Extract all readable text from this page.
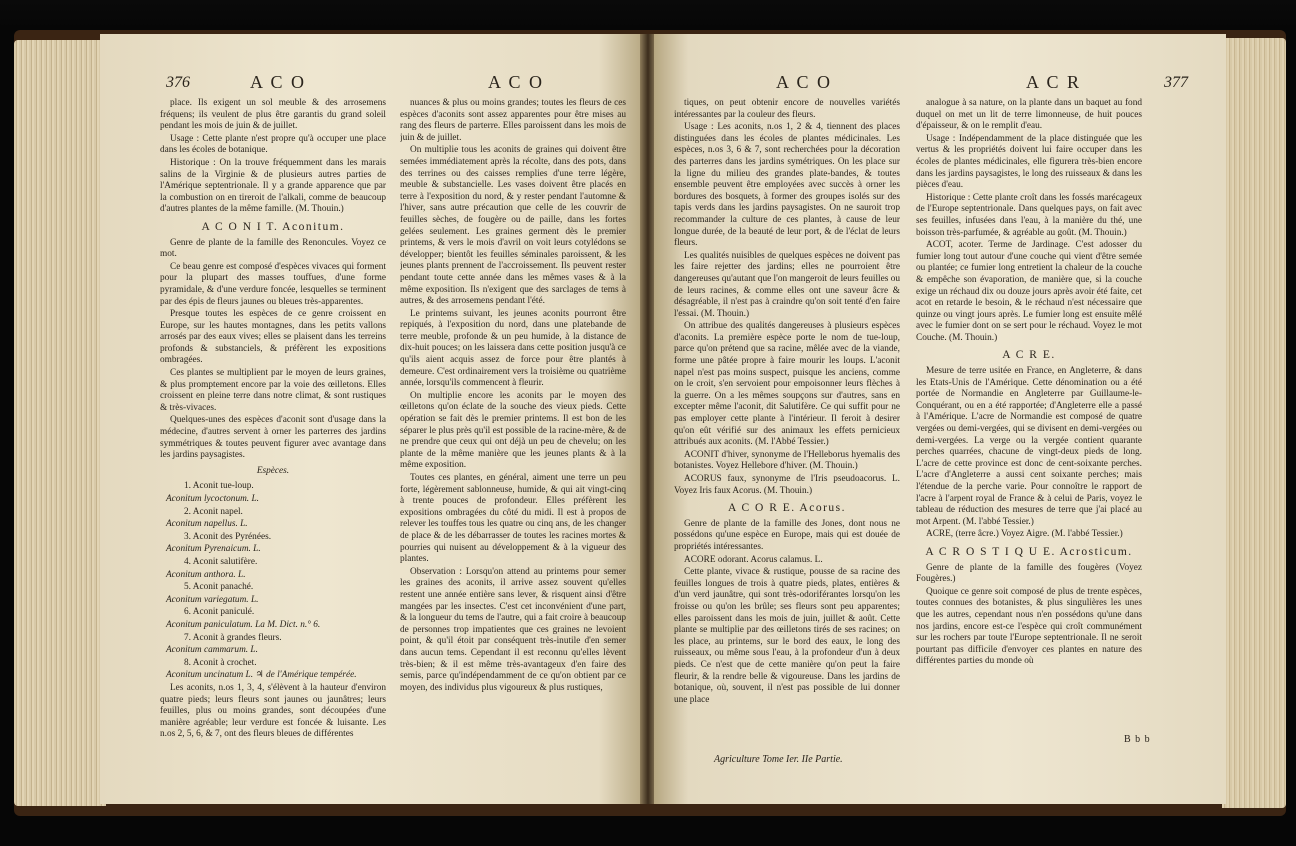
376	A C O	A C O

place. Ils exigent un sol meuble & des arrosemens fréquens; ils veulent de plus être garantis du grand soleil pendant les mois de juin & de juillet.

Usage : Cette plante n'est propre qu'à occuper une place dans les écoles de botanique.

Historique : On la trouve fréquemment dans les marais salins de la Virginie & de plusieurs autres parties de l'Amérique septentrionale. Il y a grande apparence que par la combustion on en tireroit de l'alkali, comme de beaucoup d'autres plantes de la même famille. (M. Thouin.)

A C O N I T. Aconitum.

Genre de plante de la famille des Renoncules. Voyez ce mot.

Ce beau genre est composé d'espèces vivaces qui forment pour la plupart des masses touffues, d'une forme pyramidale, & d'une verdure foncée, lesquelles se terminent par des épis de fleurs jaunes ou bleues très-apparentes.

Presque toutes les espèces de ce genre croissent en Europe, sur les hautes montagnes, dans les petits vallons arrosés par des eaux vives; elles se plaisent dans les terreins profonds & substanciels, & préfèrent les expositions ombragées.

Ces plantes se multiplient par le moyen de leurs graines, & plus promptement encore par la voie des œilletons. Elles croissent en pleine terre dans notre climat, & sont rustiques & très-vivaces.

Quelques-unes des espèces d'aconit sont d'usage dans la médecine, d'autres servent à orner les parterres des jardins symmétriques & toutes peuvent figurer avec avantage dans les jardins paysagistes.

Espèces.

1. Aconit tue-loup.

Aconitum lycoctonum. L.

2. Aconit napel.

Aconitum napellus. L.

3. Aconit des Pyrénées.

Aconitum Pyrenaicum. L.

4. Aconit salutifère.

Aconitum anthora. L.

5. Aconit panaché.

Aconitum variegatum. L.

6. Aconit paniculé.

Aconitum paniculatum. La M. Dict. n.° 6.

7. Aconit à grandes fleurs.

Aconitum cammarum. L.

8. Aconit à crochet.

Aconitum uncinatum L. ♃ de l'Amérique tempérée.

Les aconits, n.os 1, 3, 4, s'élèvent à la hauteur d'environ quatre pieds; leurs fleurs sont jaunes ou jaunâtres; leurs feuilles, plus ou moins grandes, sont découpées d'une manière agréable; leur verdure est foncée & luisante. Les n.os 2, 5, 6, & 7, ont des fleurs bleues de différentes

nuances & plus ou moins grandes; toutes les fleurs de ces espèces d'aconits sont assez apparentes pour être mises au rang des fleurs de parterre. Elles paroissent dans les mois de juin & de juillet.

On multiplie tous les aconits de graines qui doivent être semées immédiatement après la récolte, dans des pots, dans des terrines ou des caisses remplies d'une terre légère, meuble & substancielle. Les vases doivent être placés en terre à l'exposition du nord, & y rester pendant l'automne & l'hiver, sans autre précaution que celle de les couvrir de feuilles sèches, de fougère ou de paille, dans les fortes gelées seulement. Les graines germent dès le premier printems, & vers le mois d'avril on voit leurs cotylédons se développer; bientôt les feuilles séminales paroissent, & les jeunes plants prennent de l'accroissement. Ils peuvent rester pendant toute cette année dans les mêmes vases & à la même exposition. Ils n'exigent que des sarclages de tems à autres, & des arrosemens pendant l'été.

Le printems suivant, les jeunes aconits pourront être repiqués, à l'exposition du nord, dans une platebande de terre meuble, profonde & un peu humide, à la distance de dix-huit pouces; on les laissera dans cette position jusqu'à ce qu'ils aient acquis assez de force pour être plantés à demeure. C'est ordinairement vers la troisième ou quatrième année, lorsqu'ils commencent à fleurir.

On multiplie encore les aconits par le moyen des œilletons qu'on éclate de la souche des vieux pieds. Cette opération se fait dès le premier printems. Il est bon de les séparer le plus près qu'il est possible de la racine-mère, & de ne prendre que ceux qui ont déjà un peu de chevelu; on les plante de la même manière que les jeunes plants & à la même exposition.

Toutes ces plantes, en général, aiment une terre un peu forte, légèrement sablonneuse, humide, & qui ait vingt-cinq à trente pouces de profondeur. Elles préfèrent les expositions ombragées du côté du midi. Il est à propos de relever les touffes tous les quatre ou cinq ans, de les changer de place & de les débarrasser de toutes les racines mortes & pourries qui nuisent au développement & à la vigueur des plantes.

Observation : Lorsqu'on attend au printems pour semer les graines des aconits, il arrive assez souvent qu'elles restent une année entière sans lever, & risquent ainsi d'être mangées par les insectes. C'est cet inconvénient d'une part, & la longueur du tems de l'autre, qui a fait croire à beaucoup de personnes trop impatientes que ces graines ne levoient point, & qu'il étoit par conséquent très-inutile d'en semer dans aucun tems. Cependant il est reconnu qu'elles lèvent très-bien; & il est même très-avantageux d'en faire des semis, parce qu'indépendamment de ce qu'on obtient par ce moyen, des individus plus vigoureux & plus rustiques,

A C O	A C R	377

tiques, on peut obtenir encore de nouvelles variétés intéressantes par la couleur des fleurs.

Usage : Les aconits, n.os 1, 2 & 4, tiennent des places distinguées dans les écoles de plantes médicinales. Les espèces, n.os 3, 6 & 7, sont recherchées pour la décoration des parterres dans les jardins symétriques. On les place sur la ligne du milieu des grandes plate-bandes, & toutes ensemble peuvent être employées avec succès à orner les bordures des bosquets, à former des groupes isolés sur des tapis verds dans les jardins paysagistes. On ne sauroit trop recommander la culture de ces plantes, à cause de leur longue durée, de la beauté de leur port, & de l'éclat de leurs fleurs.

Les qualités nuisibles de quelques espèces ne doivent pas les faire rejetter des jardins; elles ne pourroient être dangereuses qu'autant que l'on mangeroit de leurs feuilles ou de leurs racines, & comme elles ont une saveur âcre & désagréable, il n'est pas à craindre qu'on soit tenté d'en faire l'essai. (M. Thouin.)

On attribue des qualités dangereuses à plusieurs espèces d'aconits. La première espèce porte le nom de tue-loup, parce qu'on prétend que sa racine, mêlée avec de la viande, forme une pâtée propre à faire mourir les loups. L'aconit napel n'est pas moins suspect, puisque les anciens, comme on le croit, s'en servoient pour empoisonner leurs flèches à la guerre. On a les mêmes soupçons sur d'autres, sans en excepter même l'aconit, dit Salutifère. Ce qui suffit pour ne pas employer cette plante à l'intérieur. Il feroit à desirer qu'on eût vérifié sur des animaux les effets pernicieux attribués aux aconits. (M. l'Abbé Tessier.)

ACONIT d'hiver, synonyme de l'Helleborus hyemalis des botanistes. Voyez Hellebore d'hiver. (M. Thouin.)

ACORUS faux, synonyme de l'Iris pseudoacorus. L. Voyez Iris faux Acorus. (M. Thouin.)

A C O R E. Acorus.

Genre de plante de la famille des Jones, dont nous ne possédons qu'une espèce en Europe, mais qui est douée de propriétés intéressantes.

ACORE odorant. Acorus calamus. L.

Cette plante, vivace & rustique, pousse de sa racine des feuilles longues de trois à quatre pieds, plates, entières & d'un verd jaunâtre, qui sont très-odoriférantes lorsqu'on les froisse ou qu'on les brûle; ses fleurs sont peu apparentes; elles paroissent dans les mois de juin, juillet & août. Cette plante se multiplie par des œilletons tirés de ses racines; on les place, au printems, sur le bord des eaux, le long des ruisseaux, ou même sous l'eau, à la profondeur d'un à deux pieds. Ce n'est que de cette manière qu'on peut la faire fleurir, & la rendre belle & vigoureuse. Dans les jardins de botanique, où, souvent, il n'est pas possible de lui donner une place

Agriculture Tome Ier. IIe Partie.

analogue à sa nature, on la plante dans un baquet au fond duquel on met un lit de terre limonneuse, de huit pouces d'épaisseur, & on le remplit d'eau.

Usage : Indépendamment de la place distinguée que les vertus & les propriétés doivent lui faire occuper dans les écoles de plantes médicinales, elle figurera très-bien encore dans les jardins paysagistes, le long des ruisseaux & dans les pièces d'eau.

Historique : Cette plante croît dans les fossés marécageux de l'Europe septentrionale. Dans quelques pays, on fait avec ses feuilles, infusées dans l'eau, à la manière du thé, une boisson très-parfumée, & agréable au goût. (M. Thouin.)

ACOT, acoter. Terme de Jardinage. C'est adosser du fumier long tout autour d'une couche qui vient d'être semée ou plantée; ce fumier long entretient la chaleur de la couche & empêche son évaporation, de manière que, si la couche exige un réchaud dix ou douze jours après avoir été faite, cet acot en retarde le besoin, & le réchaud n'est nécessaire que quinze ou vingt jours après. Le fumier long est ensuite mêlé avec le fumier dont on se sert pour le réchaud. Voyez le mot Couche. (M. Thouin.)

A C R E.

Mesure de terre usitée en France, en Angleterre, & dans les Etats-Unis de l'Amérique. Cette dénomination ou a été portée de Normandie en Angleterre par Guillaume-le-Conquérant, ou en a été rapportée; d'Angleterre elle a passé à l'Amérique. L'acre de Normandie est composé de quatre vergées ou demi-vergées, qui se divisent en demi-vergées ou demi-vergées. La verge ou la vergée contient quarante perches quarrées, chacune de vingt-deux pieds de long. L'acre de cette province est donc de cent-soixante perches. L'acre d'Angleterre a aussi cent soixante perches; mais l'étendue de la perche varie. Pour connoître le rapport de l'acre à l'arpent royal de France & à celui de Paris, voyez le tableau de réduction des mesures de terre que j'ai placé au mot Arpent. (M. l'abbé Tessier.)

ACRE, (terre âcre.) Voyez Aigre. (M. l'abbé Tessier.)

A C R O S T I Q U E. Acrosticum.

Genre de plante de la famille des fougères (Voyez Fougères.)

Quoique ce genre soit composé de plus de trente espèces, toutes connues des botanistes, & plus singulières les unes que les autres, cependant nous n'en possédons qu'une dans nos jardins, encore est-ce l'espèce qui croît communément sur les rochers par toute l'Europe septentrionale. Il ne seroit pourtant pas difficile d'envoyer ces plantes en nature des différentes parties du monde où

B b b
